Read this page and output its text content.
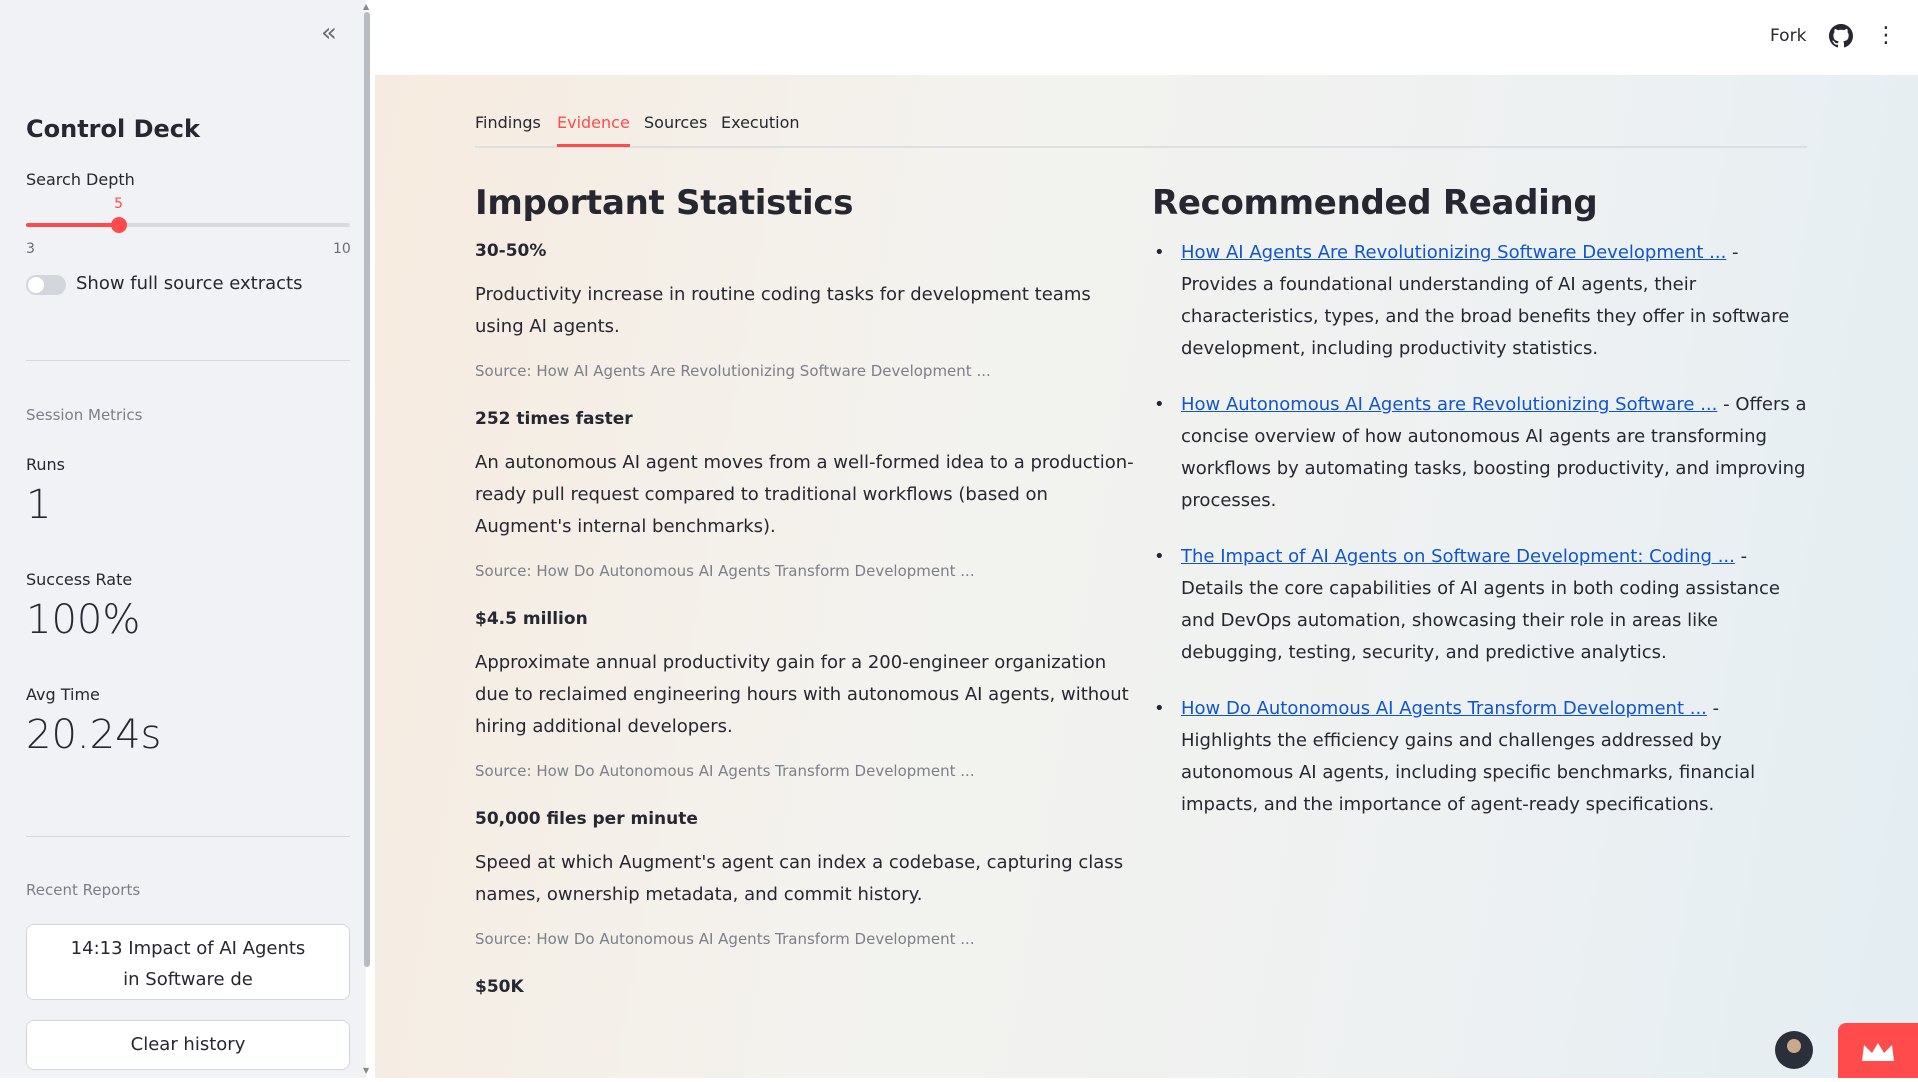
«
Control Deck
Search Depth
5
3	10
Show full source extracts
Session Metrics
Runs
1
Success Rate
100%
Avg Time
20.24s
Recent Reports
14:13 Impact of AI Agents in Software de
Clear history
▲
▼
Fork	⋮
Findings Evidence Sources Execution
Important Statistics
30-50%
Productivity increase in routine coding tasks for development teams using AI agents.
Source: How AI Agents Are Revolutionizing Software Development ...
252 times faster
An autonomous AI agent moves from a well-formed idea to a production-ready pull request compared to traditional workflows (based on Augment's internal benchmarks).
Source: How Do Autonomous AI Agents Transform Development ...
$4.5 million
Approximate annual productivity gain for a 200-engineer organization due to reclaimed engineering hours with autonomous AI agents, without hiring additional developers.
Source: How Do Autonomous AI Agents Transform Development ...
50,000 files per minute
Speed at which Augment's agent can index a codebase, capturing class names, ownership metadata, and commit history.
Source: How Do Autonomous AI Agents Transform Development ...
$50K
Recommended Reading
• How AI Agents Are Revolutionizing Software Development ... - Provides a foundational understanding of AI agents, their characteristics, types, and the broad benefits they offer in software development, including productivity statistics.
• How Autonomous AI Agents are Revolutionizing Software ... - Offers a concise overview of how autonomous AI agents are transforming workflows by automating tasks, boosting productivity, and improving processes.
• The Impact of AI Agents on Software Development: Coding ... - Details the core capabilities of AI agents in both coding assistance and DevOps automation, showcasing their role in areas like debugging, testing, security, and predictive analytics.
• How Do Autonomous AI Agents Transform Development ... - Highlights the efficiency gains and challenges addressed by autonomous AI agents, including specific benchmarks, financial impacts, and the importance of agent-ready specifications.
